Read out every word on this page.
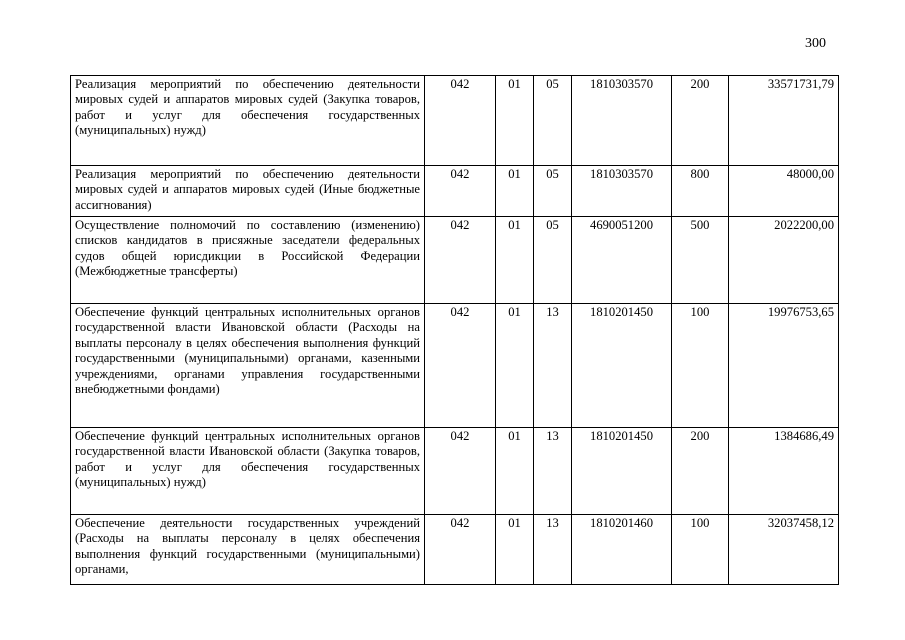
300
Реализация мероприятий по обеспечению деятельности мировых судей и аппаратов мировых судей (Закупка товаров, работ и услуг для обеспечения государственных (муниципальных) нужд)	042	01	05	1810303570	200	33571731,79
Реализация мероприятий по обеспечению деятельности мировых судей и аппаратов мировых судей (Иные бюджетные ассигнования)	042	01	05	1810303570	800	48000,00
Осуществление полномочий по составлению (изменению) списков кандидатов в присяжные заседатели федеральных судов общей юрисдикции в Российской Федерации (Межбюджетные трансферты)	042	01	05	4690051200	500	2022200,00
Обеспечение функций центральных исполнительных органов государственной власти Ивановской области (Расходы на выплаты персоналу в целях обеспечения выполнения функций государственными (муниципальными) органами, казенными учреждениями, органами управления государственными внебюджетными фондами)	042	01	13	1810201450	100	19976753,65
Обеспечение функций центральных исполнительных органов государственной власти Ивановской области (Закупка товаров, работ и услуг для обеспечения государственных (муниципальных) нужд)	042	01	13	1810201450	200	1384686,49
Обеспечение деятельности государственных учреждений (Расходы на выплаты персоналу в целях обеспечения выполнения функций государственными (муниципальными) органами,	042	01	13	1810201460	100	32037458,12
